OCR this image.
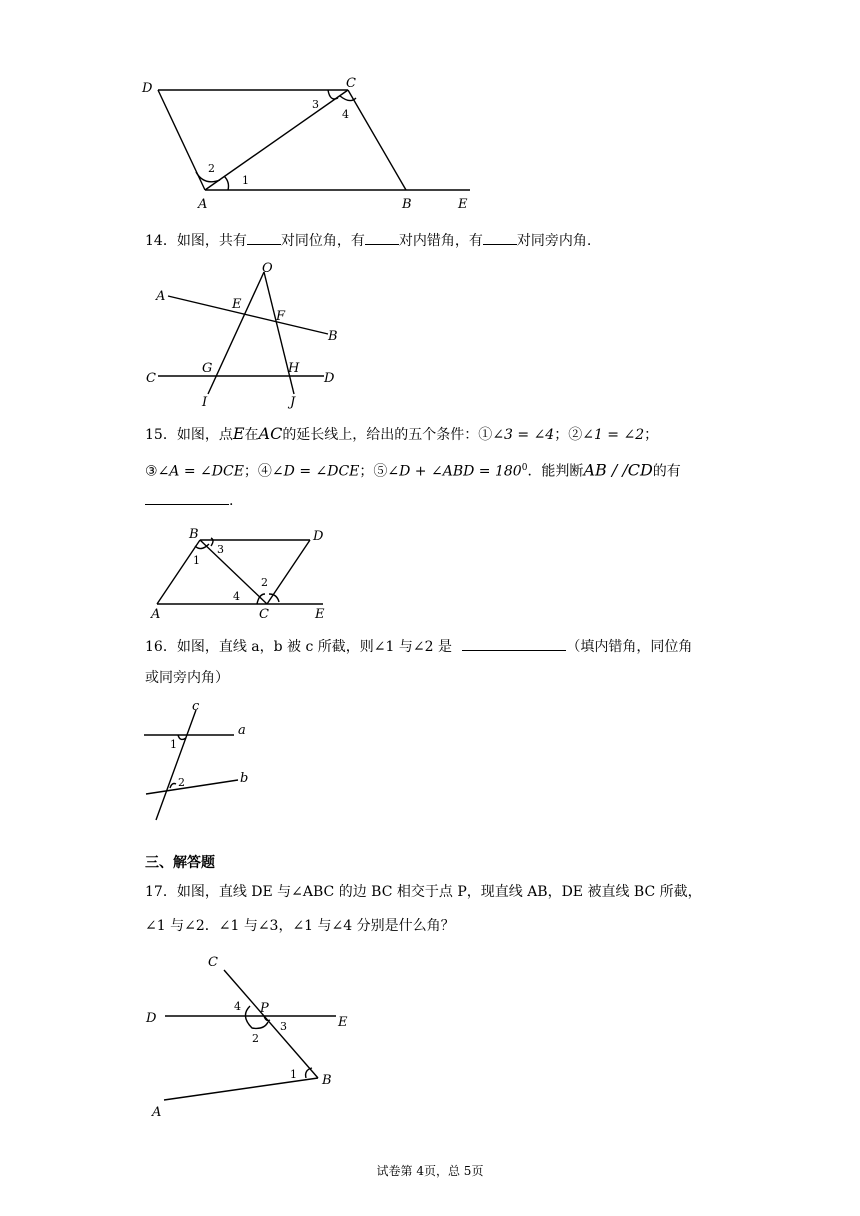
D	C
A	B	E
1
2
3
4
14．如图，共有 对同位角，有 对内错角，有 对同旁内角.
O
A
E
F
B
C
G	H
D
I	J
15．如图，点E在AC的延长线上，给出的五个条件：①∠3 = ∠4；②∠1 = ∠2；
③∠A = ∠DCE；④∠D = ∠DCE；⑤∠D + ∠ABD = $180^0$．能判断AB / /CD的有
.
B	D
A	C	E
1
3
2
4
16．如图，直线 a，b 被 c 所截，则∠1 与∠2 是	（填内错角，同位角
或同旁内角）
c
a
b
1
2
三、解答题
17．如图，直线 DE 与∠ABC 的边 BC 相交于点 P，现直线 AB，DE 被直线 BC 所截，
∠1 与∠2．∠1 与∠3，∠1 与∠4 分别是什么角？
C
D
P
E
B
A
4
3
2
1
试卷第 4页，总 5页
